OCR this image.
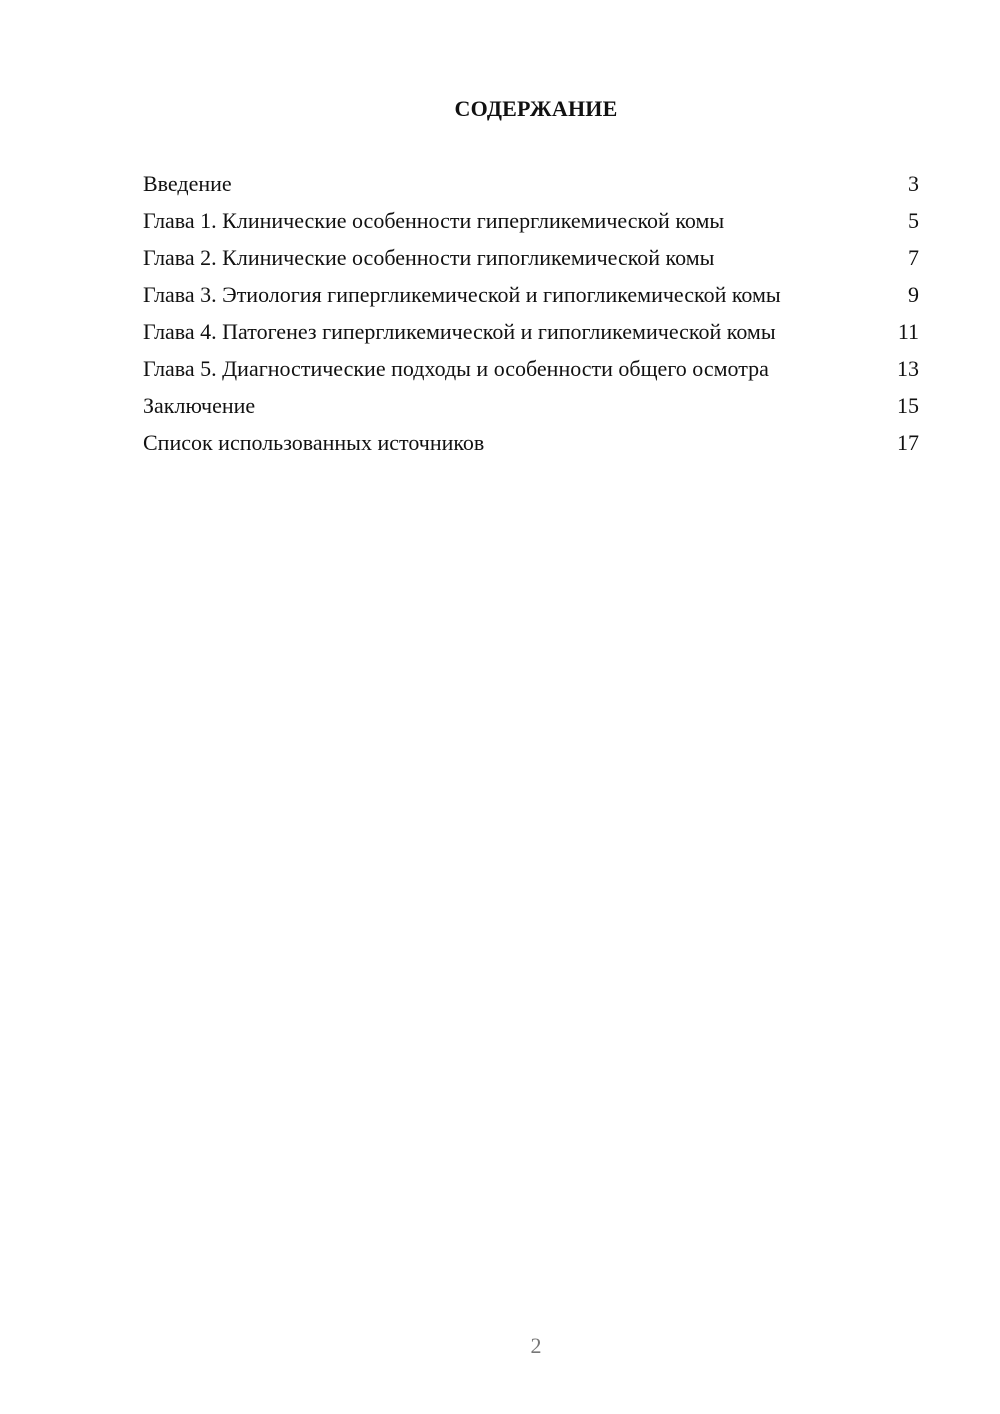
СОДЕРЖАНИЕ
Введение	3
Глава 1. Клинические особенности гипергликемической комы	5
Глава 2. Клинические особенности гипогликемической комы	7
Глава 3. Этиология гипергликемической и гипогликемической комы	9
Глава 4. Патогенез гипергликемической и гипогликемической комы	11
Глава 5. Диагностические подходы и особенности общего осмотра	13
Заключение	15
Список использованных источников	17
2
